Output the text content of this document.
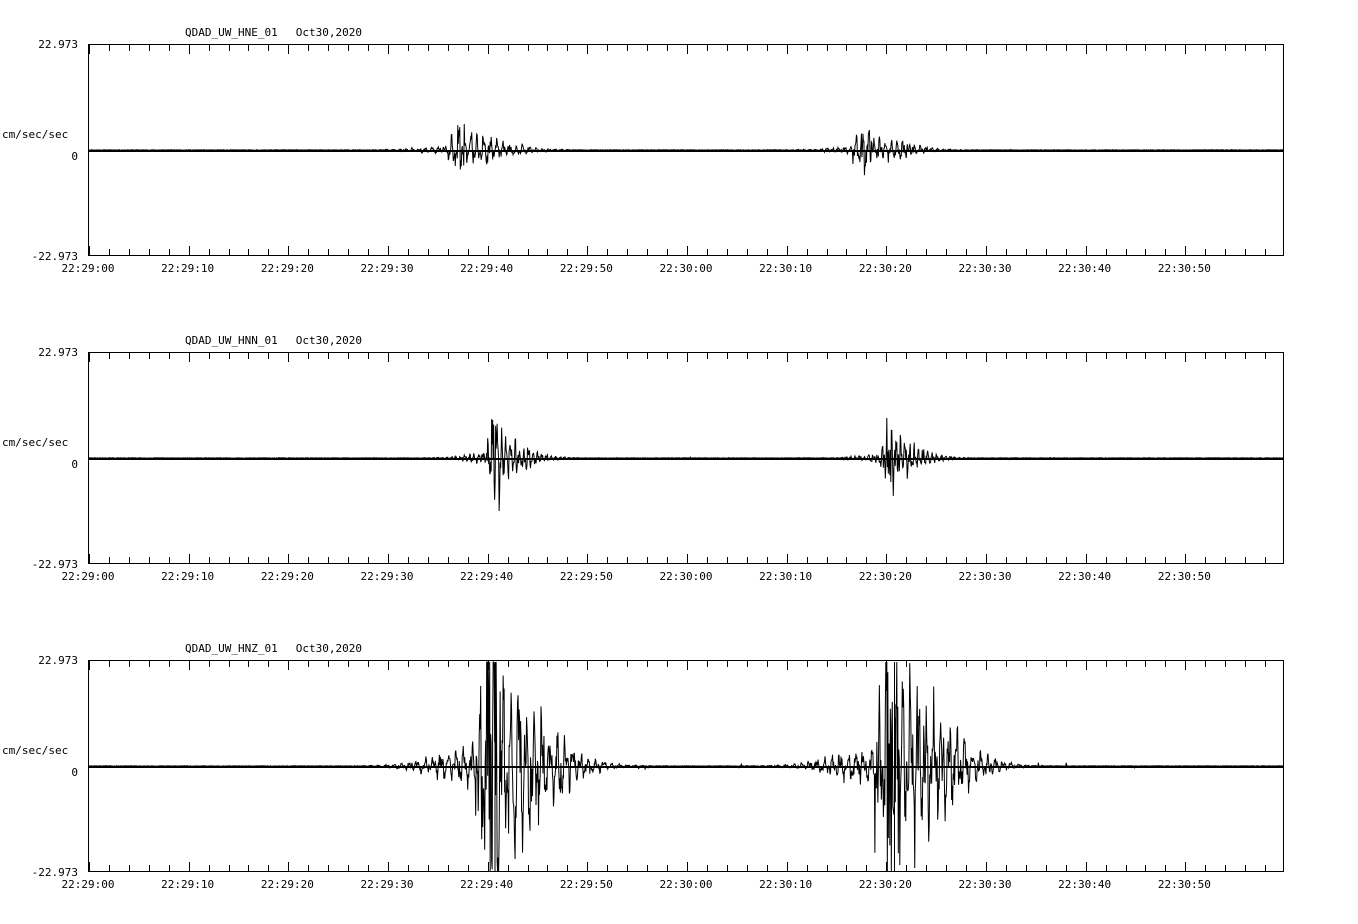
QDAD_UW_HNE_01 Oct30,2020
cm/sec/sec
22.973
0
-22.973
22:29:00	22:29:10	22:29:20	22:29:30	22:29:40	22:29:50	22:30:00	22:30:10	22:30:20	22:30:30	22:30:40	22:30:50
QDAD_UW_HNN_01 Oct30,2020
cm/sec/sec
22.973
0
-22.973
22:29:00	22:29:10	22:29:20	22:29:30	22:29:40	22:29:50	22:30:00	22:30:10	22:30:20	22:30:30	22:30:40	22:30:50
QDAD_UW_HNZ_01 Oct30,2020
cm/sec/sec
22.973
0
-22.973
22:29:00	22:29:10	22:29:20	22:29:30	22:29:40	22:29:50	22:30:00	22:30:10	22:30:20	22:30:30	22:30:40	22:30:50
